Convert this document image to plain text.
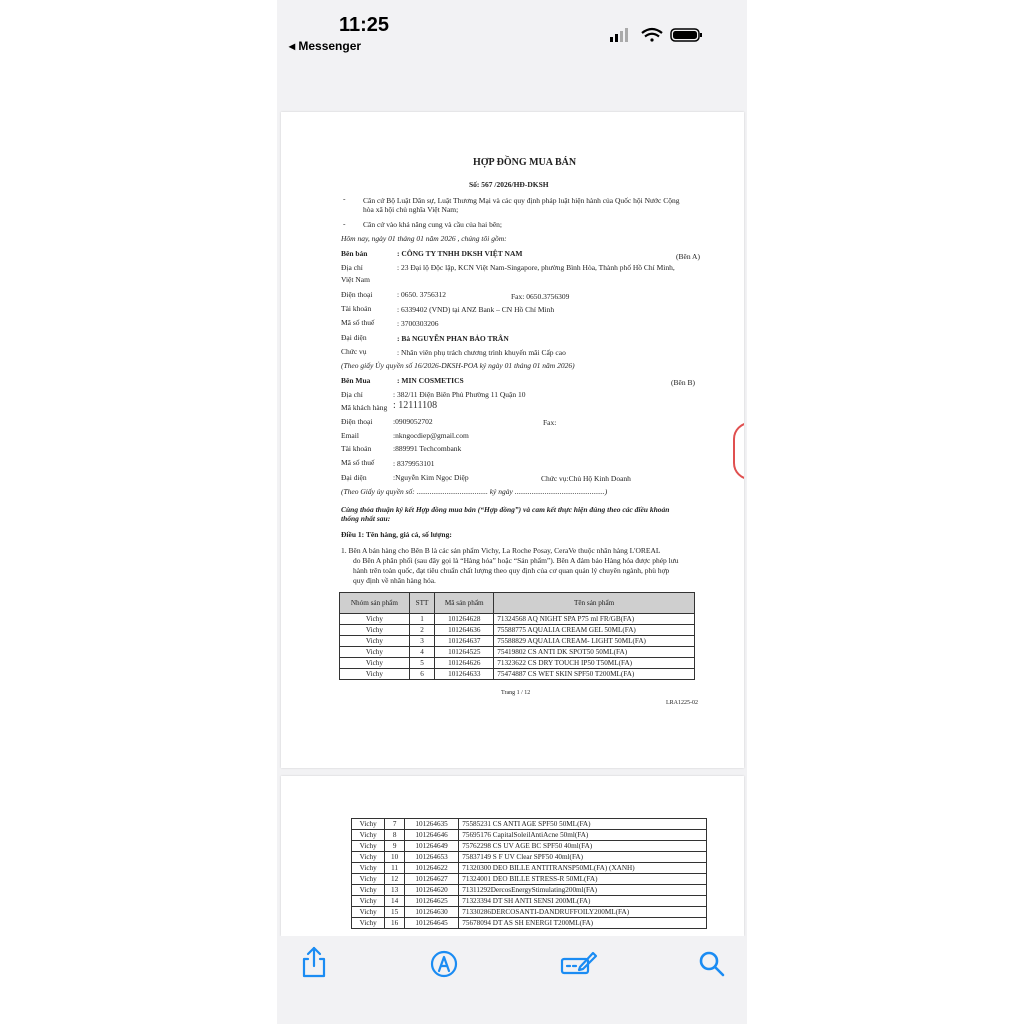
11:25
◂ Messenger
HỢP ĐỒNG MUA BÁN
Số: 567 /2026/HĐ-DKSH
- Căn cứ Bộ Luật Dân sự, Luật Thương Mại và các quy định pháp luật hiện hành của Quốc hội Nước Cộng
hòa xã hội chủ nghĩa Việt Nam;
- Căn cứ vào khả năng cung và cầu của hai bên;
Hôm nay, ngày 01 tháng 01 năm 2026 , chúng tôi gồm:
Bên bán	: CÔNG TY TNHH DKSH VIỆT NAM	(Bên A)
Địa chỉ	: 23 Đại lộ Độc lập, KCN Việt Nam-Singapore, phường Bình Hòa, Thành phố Hồ Chí Minh,
Việt Nam
Điện thoại	: 0650. 3756312	Fax: 0650.3756309
Tài khoản	: 6339402 (VND) tại ANZ Bank – CN Hồ Chí Minh
Mã số thuế	: 3700303206
Đại diện	: Bà NGUYỄN PHAN BẢO TRÂN
Chức vụ	: Nhân viên phụ trách chương trình khuyến mãi Cấp cao
(Theo giấy Ủy quyền số 16/2026-DKSH-POA ký ngày 01 tháng 01 năm 2026)
Bên Mua	: MIN COSMETICS	(Bên B)
Địa chỉ	: 382/11 Điện Biên Phủ Phường 11 Quận 10
Mã khách hàng : 12111108
Điện thoại	:0909052702	Fax:
Email	:nkngocdiep@gmail.com
Tài khoản	:889991 Techcombank
Mã số thuế : 8379953101
Đại diện	:Nguyễn Kim Ngọc Diệp	Chức vụ:Chủ Hộ Kinh Doanh
(Theo Giấy ủy quyền số: ...................................... ký ngày ................................................)
Cùng thỏa thuận ký kết Hợp đồng mua bán (“Hợp đồng”) và cam kết thực hiện đúng theo các điều khoản
thống nhất sau:
Điều 1: Tên hàng, giá cả, số lượng:
1. Bên A bán hàng cho Bên B là các sản phẩm Vichy, La Roche Posay, CeraVe thuộc nhãn hàng L'OREAL
do Bên A phân phối (sau đây gọi là “Hàng hóa” hoặc “Sản phẩm”). Bên A đảm bảo Hàng hóa được phép lưu
hành trên toàn quốc, đạt tiêu chuẩn chất lượng theo quy định của cơ quan quản lý chuyên ngành, phù hợp
quy định về nhãn hàng hóa.
Nhóm sản phẩm	STT	Mã sản phẩm	Tên sản phẩm
Vichy	1	101264628	71324568 AQ NIGHT SPA P75 ml FR/GB(FA)
Vichy	2	101264636	75588775 AQUALIA CREAM GEL 50ML(FA)
Vichy	3	101264637	75588829 AQUALIA CREAM- LIGHT 50ML(FA)
Vichy	4	101264525	75419802 CS ANTI DK SPOT50 50ML(FA)
Vichy	5	101264626	71323622 CS DRY TOUCH IP50 T50ML(FA)
Vichy	6	101264633	75474887 CS WET SKIN SPF50 T200ML(FA)
Trang 1 / 12
LRA1225-02
Vichy	7	101264635	75585231 CS ANTI AGE SPF50 50ML(FA)
Vichy	8	101264646	75695176 CapitalSoleilAntiAcne 50ml(FA)
Vichy	9	101264649	75762298 CS UV AGE BC SPF50 40ml(FA)
Vichy	10	101264653	75837149 S F UV Clear SPF50 40ml(FA)
Vichy	11	101264622	71320300 DEO BILLE ANTITRANSP50ML(FA) (XANH)
Vichy	12	101264627	71324001 DEO BILLE STRESS-R 50ML(FA)
Vichy	13	101264620	71311292DercosEnergyStimulating200ml(FA)
Vichy	14	101264625	71323394 DT SH ANTI SENSI 200ML(FA)
Vichy	15	101264630	71330286DERCOSANTI-DANDRUFFOILY200ML(FA)
Vichy	16	101264645	75678094 DT AS SH ENERGI T200ML(FA)
